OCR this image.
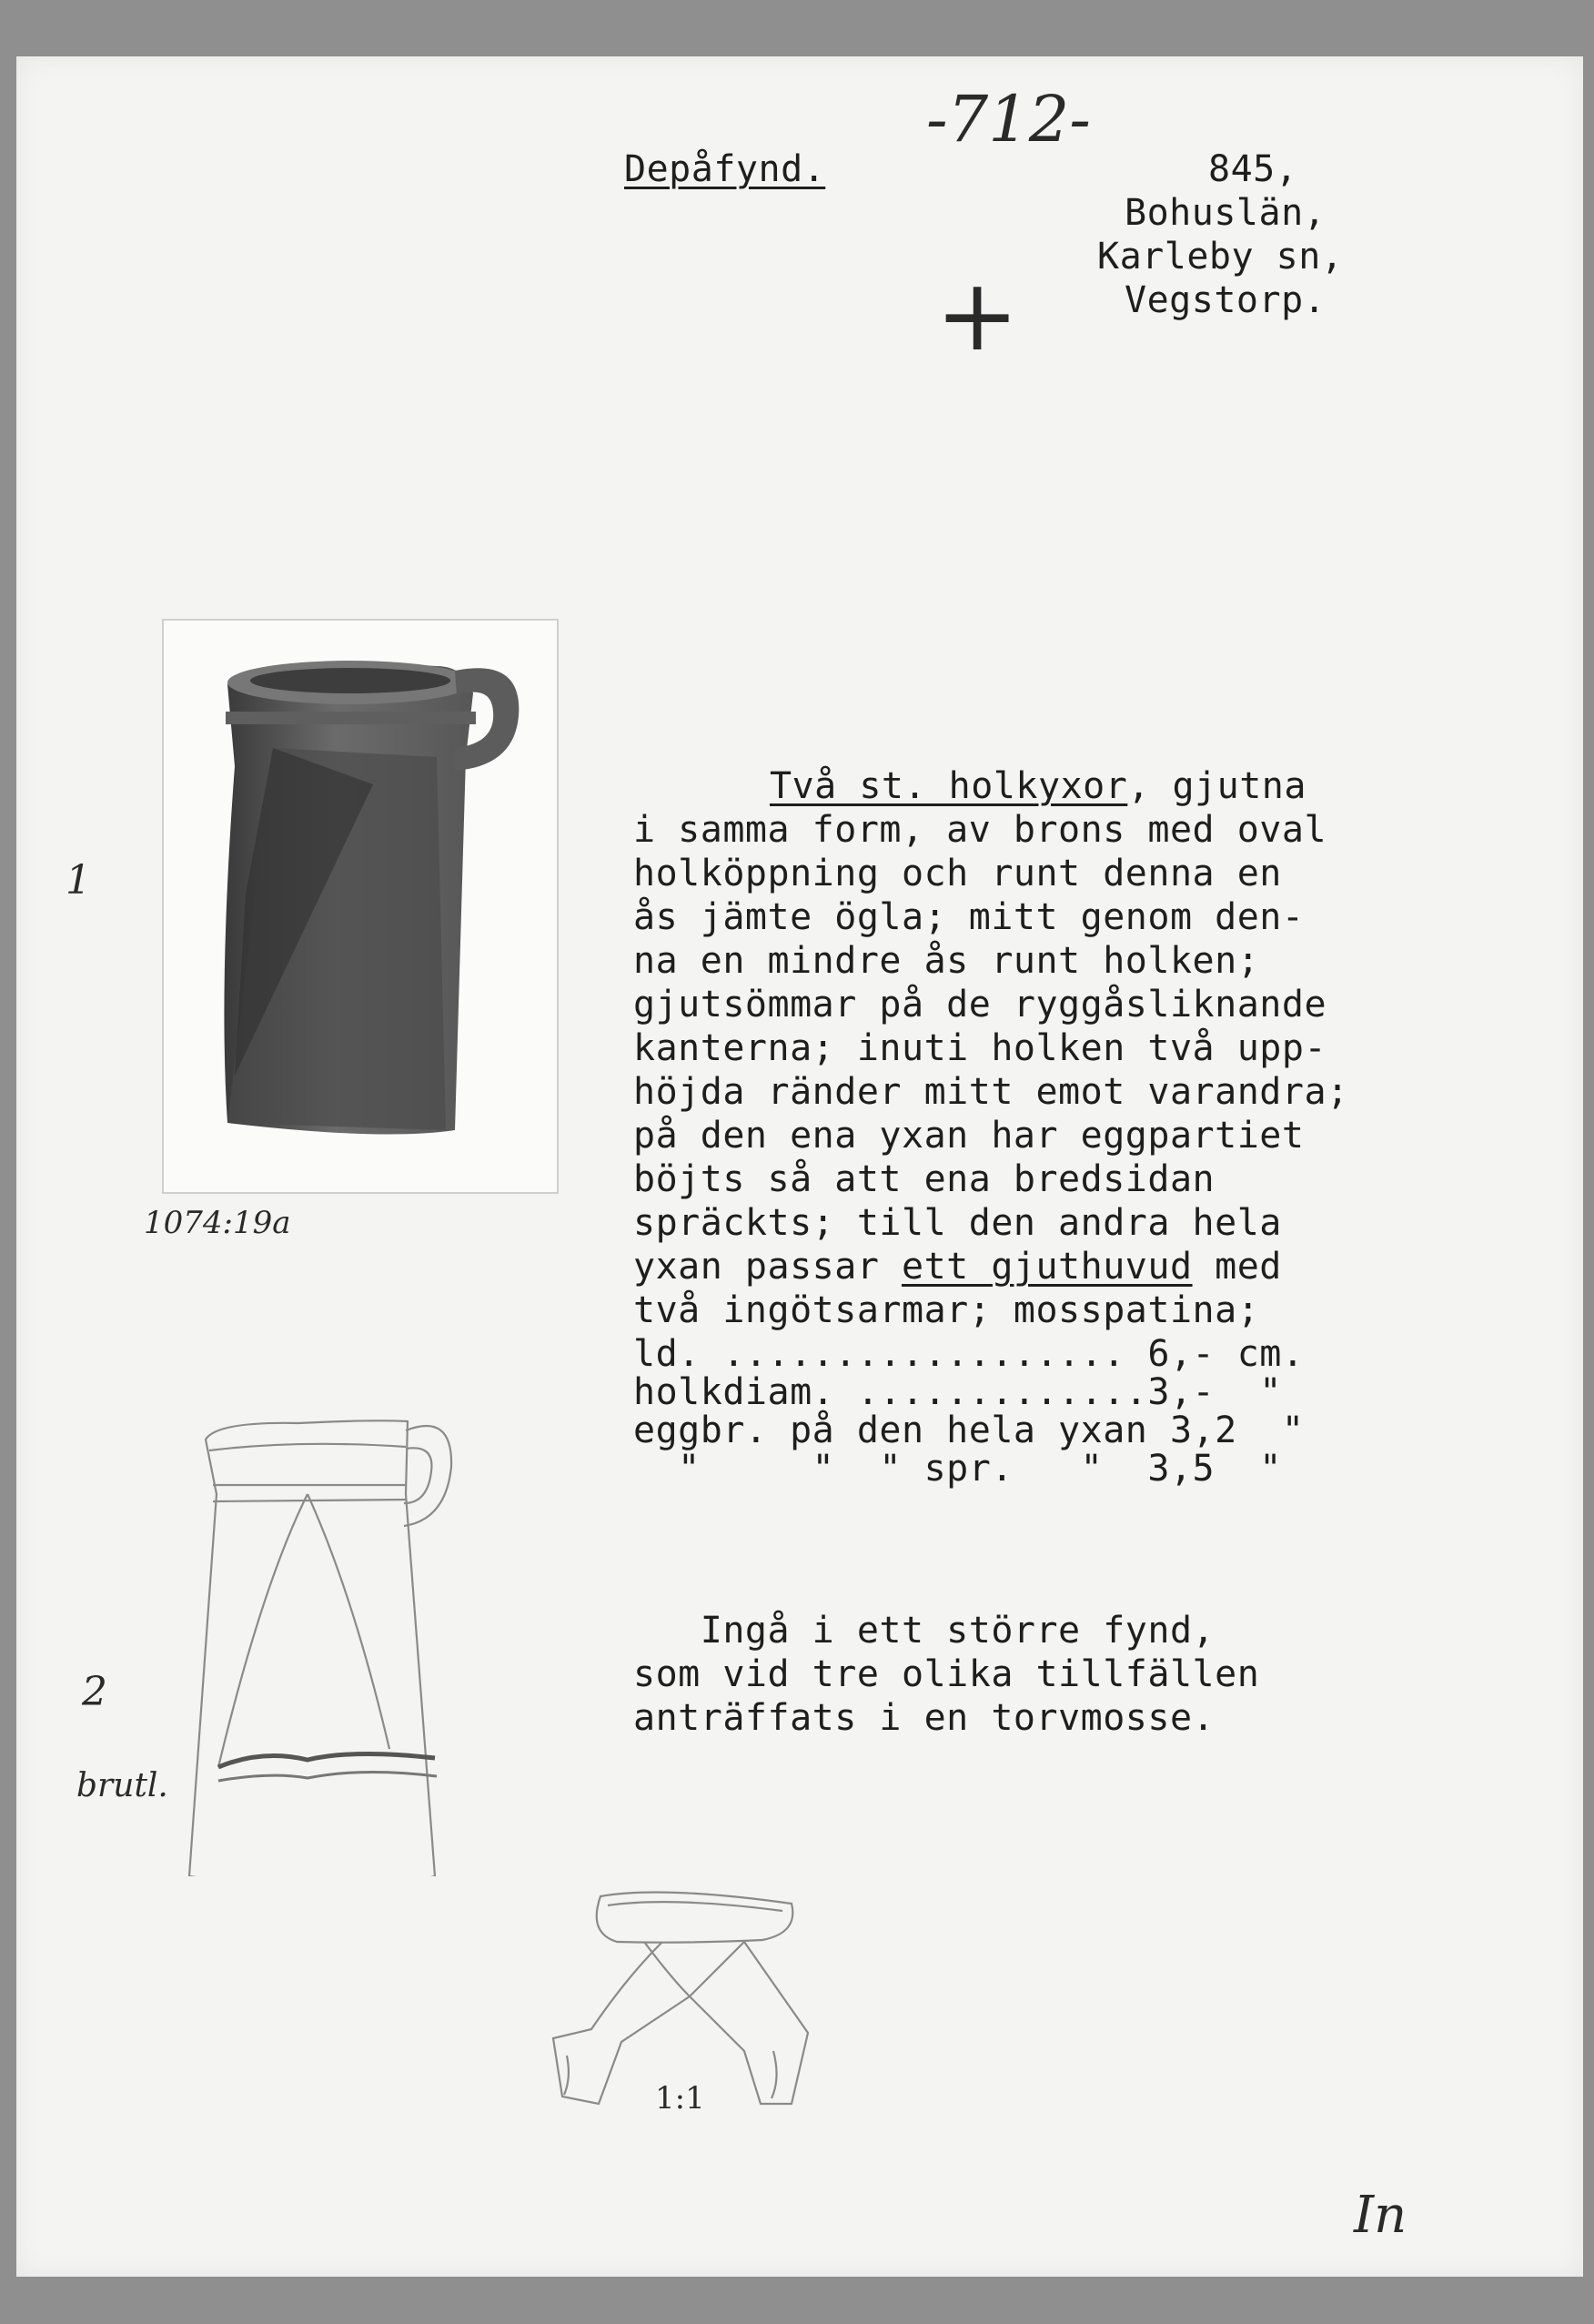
Depåfynd.
-712-
845,
Bohuslän,
Karleby sn,
Vegstorp.
+
1
1074:19a
Två st. holkyxor, gjutna
i samma form, av brons med oval
holköppning och runt denna en
ås jämte ögla; mitt genom den-
na en mindre ås runt holken;
gjutsömmar på de ryggåsliknande
kanterna; inuti holken två upp-
höjda ränder mitt emot varandra;
på den ena yxan har eggpartiet
böjts så att ena bredsidan
spräckts; till den andra hela
yxan passar ett gjuthuvud med
två ingötsarmar; mosspatina;
ld. .................. 6,- cm.
holkdiam. .............3,-  "
eggbr. på den hela yxan 3,2  "
"     "  " spr.   "  3,5  "
Ingå i ett större fynd,
som vid tre olika tillfällen
anträffats i en torvmosse.
2
brutl.
1:1
In
